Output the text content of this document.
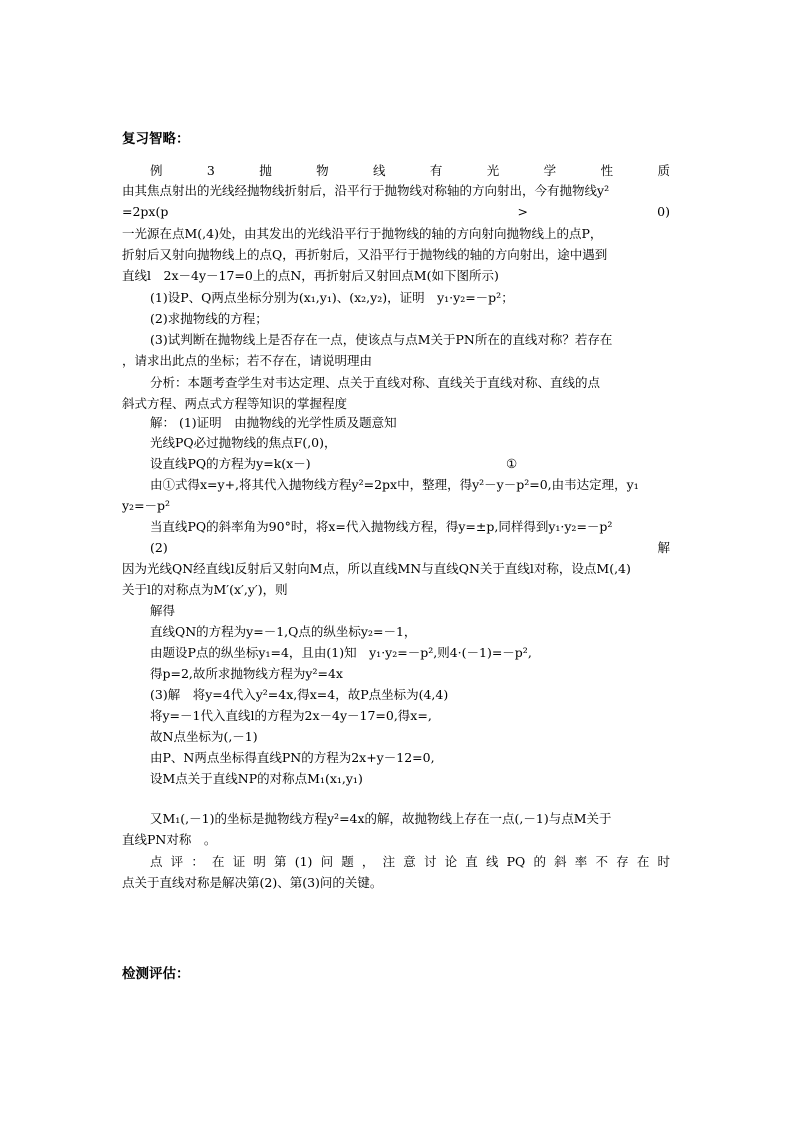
复习智略：
例	3	抛	物	线	有	光	学	性	质
由其焦点射出的光线经抛物线折射后，沿平行于抛物线对称轴的方向射出，今有抛物线y²
=2px(p	>	0)
一光源在点M(,4)处，由其发出的光线沿平行于抛物线的轴的方向射向抛物线上的点P，
折射后又射向抛物线上的点Q，再折射后，又沿平行于抛物线的轴的方向射出，途中遇到
直线l　2x－4y－17=0上的点N，再折射后又射回点M(如下图所示)
(1)设P、Q两点坐标分别为(x₁,y₁)、(x₂,y₂)，证明　y₁·y₂=－p²；
(2)求抛物线的方程；
(3)试判断在抛物线上是否存在一点，使该点与点M关于PN所在的直线对称？若存在
，请求出此点的坐标；若不存在，请说明理由
分析：本题考查学生对韦达定理、点关于直线对称、直线关于直线对称、直线的点
斜式方程、两点式方程等知识的掌握程度
解： (1)证明　由抛物线的光学性质及题意知
光线PQ必过抛物线的焦点F(,0)，
设直线PQ的方程为y=k(x－)	①
由①式得x=y+,将其代入抛物线方程y²=2px中，整理，得y²－y－p²=0,由韦达定理，y₁
y₂=－p²
当直线PQ的斜率角为90°时，将x=代入抛物线方程，得y=±p,同样得到y₁·y₂=－p²
(2)	解
因为光线QN经直线l反射后又射向M点，所以直线MN与直线QN关于直线l对称，设点M(,4)
关于l的对称点为M′(x′,y′)，则
解得
直线QN的方程为y=－1,Q点的纵坐标y₂=－1，
由题设P点的纵坐标y₁=4，且由(1)知　y₁·y₂=－p²,则4·(－1)=－p²,
得p=2,故所求抛物线方程为y²=4x
(3)解　将y=4代入y²=4x,得x=4，故P点坐标为(4,4)
将y=－1代入直线l的方程为2x－4y－17=0,得x=,
故N点坐标为(,－1)
由P、N两点坐标得直线PN的方程为2x+y－12=0,
设M点关于直线NP的对称点M₁(x₁,y₁)
又M₁(,－1)的坐标是抛物线方程y²=4x的解，故抛物线上存在一点(,－1)与点M关于
直线PN对称　。
点评：在证明第(1)问题，注意讨论直线PQ的斜率不存在时
点关于直线对称是解决第(2)、第(3)问的关键。
检测评估：
